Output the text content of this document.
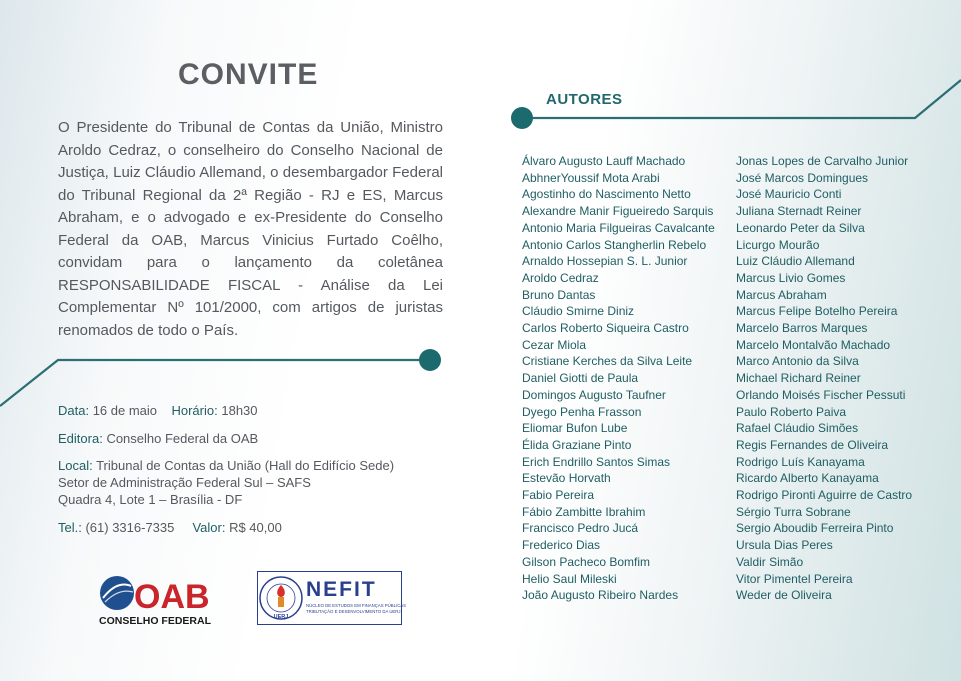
CONVITE
O Presidente do Tribunal de Contas da União, Ministro Aroldo Cedraz, o conselheiro do Conselho Nacional de Justiça, Luiz Cláudio Allemand, o desembargador Federal do Tribunal Regional da 2ª Região - RJ e ES, Marcus Abraham, e o advogado e ex-Presidente do Conselho Federal da OAB, Marcus Vinicius Furtado Coêlho, convidam para o lançamento da coletânea RESPONSABILIDADE FISCAL - Análise da Lei Complementar Nº 101/2000, com artigos de juristas renomados de todo o País.
AUTORES
Álvaro Augusto Lauff Machado
AbhnerYoussif Mota Arabi
Agostinho do Nascimento Netto
Alexandre Manir Figueiredo Sarquis
Antonio Maria Filgueiras Cavalcante
Antonio Carlos Stangherlin Rebelo
Arnaldo Hossepian S. L. Junior
Aroldo Cedraz
Bruno Dantas
Cláudio Smirne Diniz
Carlos Roberto Siqueira Castro
Cezar Miola
Cristiane Kerches da Silva Leite
Daniel Giotti de Paula
Domingos Augusto Taufner
Dyego Penha Frasson
Eliomar Bufon Lube
Élida Graziane Pinto
Erich Endrillo Santos Simas
Estevão Horvath
Fabio Pereira
Fábio Zambitte Ibrahim
Francisco Pedro Jucá
Frederico Dias
Gilson Pacheco Bomfim
Helio Saul Mileski
João Augusto Ribeiro Nardes
Jonas Lopes de Carvalho Junior
José Marcos Domingues
José Mauricio Conti
Juliana Sternadt Reiner
Leonardo Peter da Silva
Licurgo Mourão
Luiz Cláudio Allemand
Marcus Livio Gomes
Marcus Abraham
Marcus Felipe Botelho Pereira
Marcelo Barros Marques
Marcelo Montalvão Machado
Marco Antonio da Silva
Michael Richard Reiner
Orlando Moisés Fischer Pessuti
Paulo Roberto Paiva
Rafael Cláudio Simões
Regis Fernandes de Oliveira
Rodrigo Luís Kanayama
Ricardo Alberto Kanayama
Rodrigo Pironti Aguirre de Castro
Sérgio Turra Sobrane
Sergio Aboudib Ferreira Pinto
Ursula Dias Peres
Valdir Simão
Vitor Pimentel Pereira
Weder de Oliveira
Data: 16 de maio Horário: 18h30
Editora: Conselho Federal da OAB
Local: Tribunal de Contas da União (Hall do Edifício Sede)
Setor de Administração Federal Sul – SAFS
Quadra 4, Lote 1 – Brasília - DF
Tel.: (61) 3316-7335 Valor: R$ 40,00
OAB
CONSELHO FEDERAL	UERJ
NEFIT
NÚCLEO DE ESTUDOS EM FINANÇAS PÚBLICAS
TRIBUTAÇÃO E DESENVOLVIMENTO DA UERJ
